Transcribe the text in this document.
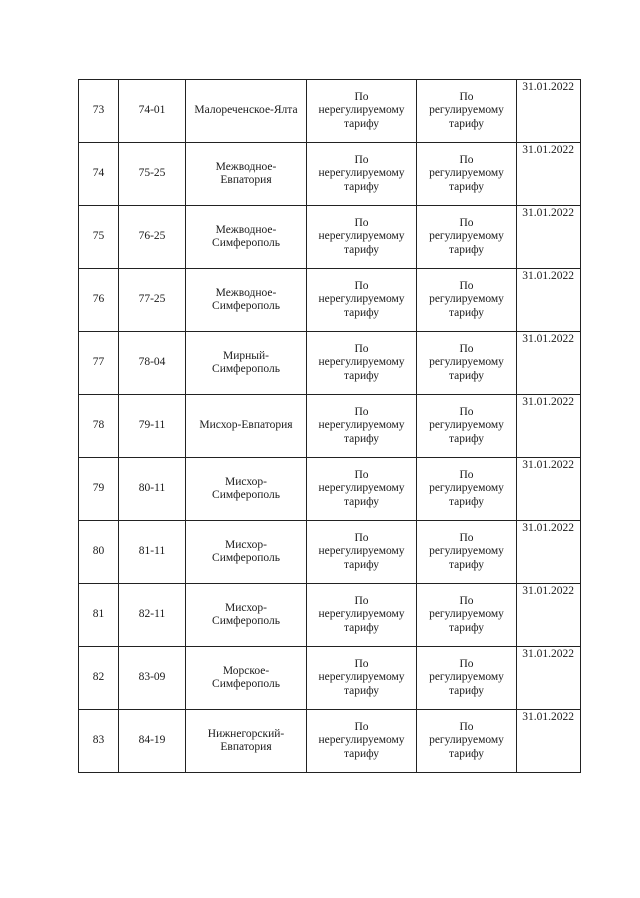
73	74-01	Малореченское-Ялта	По
нерегулируемому
тарифу	По
регулируемому
тарифу	31.01.2022
74	75-25	Межводное-
Евпатория	По
нерегулируемому
тарифу	По
регулируемому
тарифу	31.01.2022
75	76-25	Межводное-
Симферополь	По
нерегулируемому
тарифу	По
регулируемому
тарифу	31.01.2022
76	77-25	Межводное-
Симферополь	По
нерегулируемому
тарифу	По
регулируемому
тарифу	31.01.2022
77	78-04	Мирный-
Симферополь	По
нерегулируемому
тарифу	По
регулируемому
тарифу	31.01.2022
78	79-11	Мисхор-Евпатория	По
нерегулируемому
тарифу	По
регулируемому
тарифу	31.01.2022
79	80-11	Мисхор-
Симферополь	По
нерегулируемому
тарифу	По
регулируемому
тарифу	31.01.2022
80	81-11	Мисхор-
Симферополь	По
нерегулируемому
тарифу	По
регулируемому
тарифу	31.01.2022
81	82-11	Мисхор-
Симферополь	По
нерегулируемому
тарифу	По
регулируемому
тарифу	31.01.2022
82	83-09	Морское-
Симферополь	По
нерегулируемому
тарифу	По
регулируемому
тарифу	31.01.2022
83	84-19	Нижнегорский-
Евпатория	По
нерегулируемому
тарифу	По
регулируемому
тарифу	31.01.2022
